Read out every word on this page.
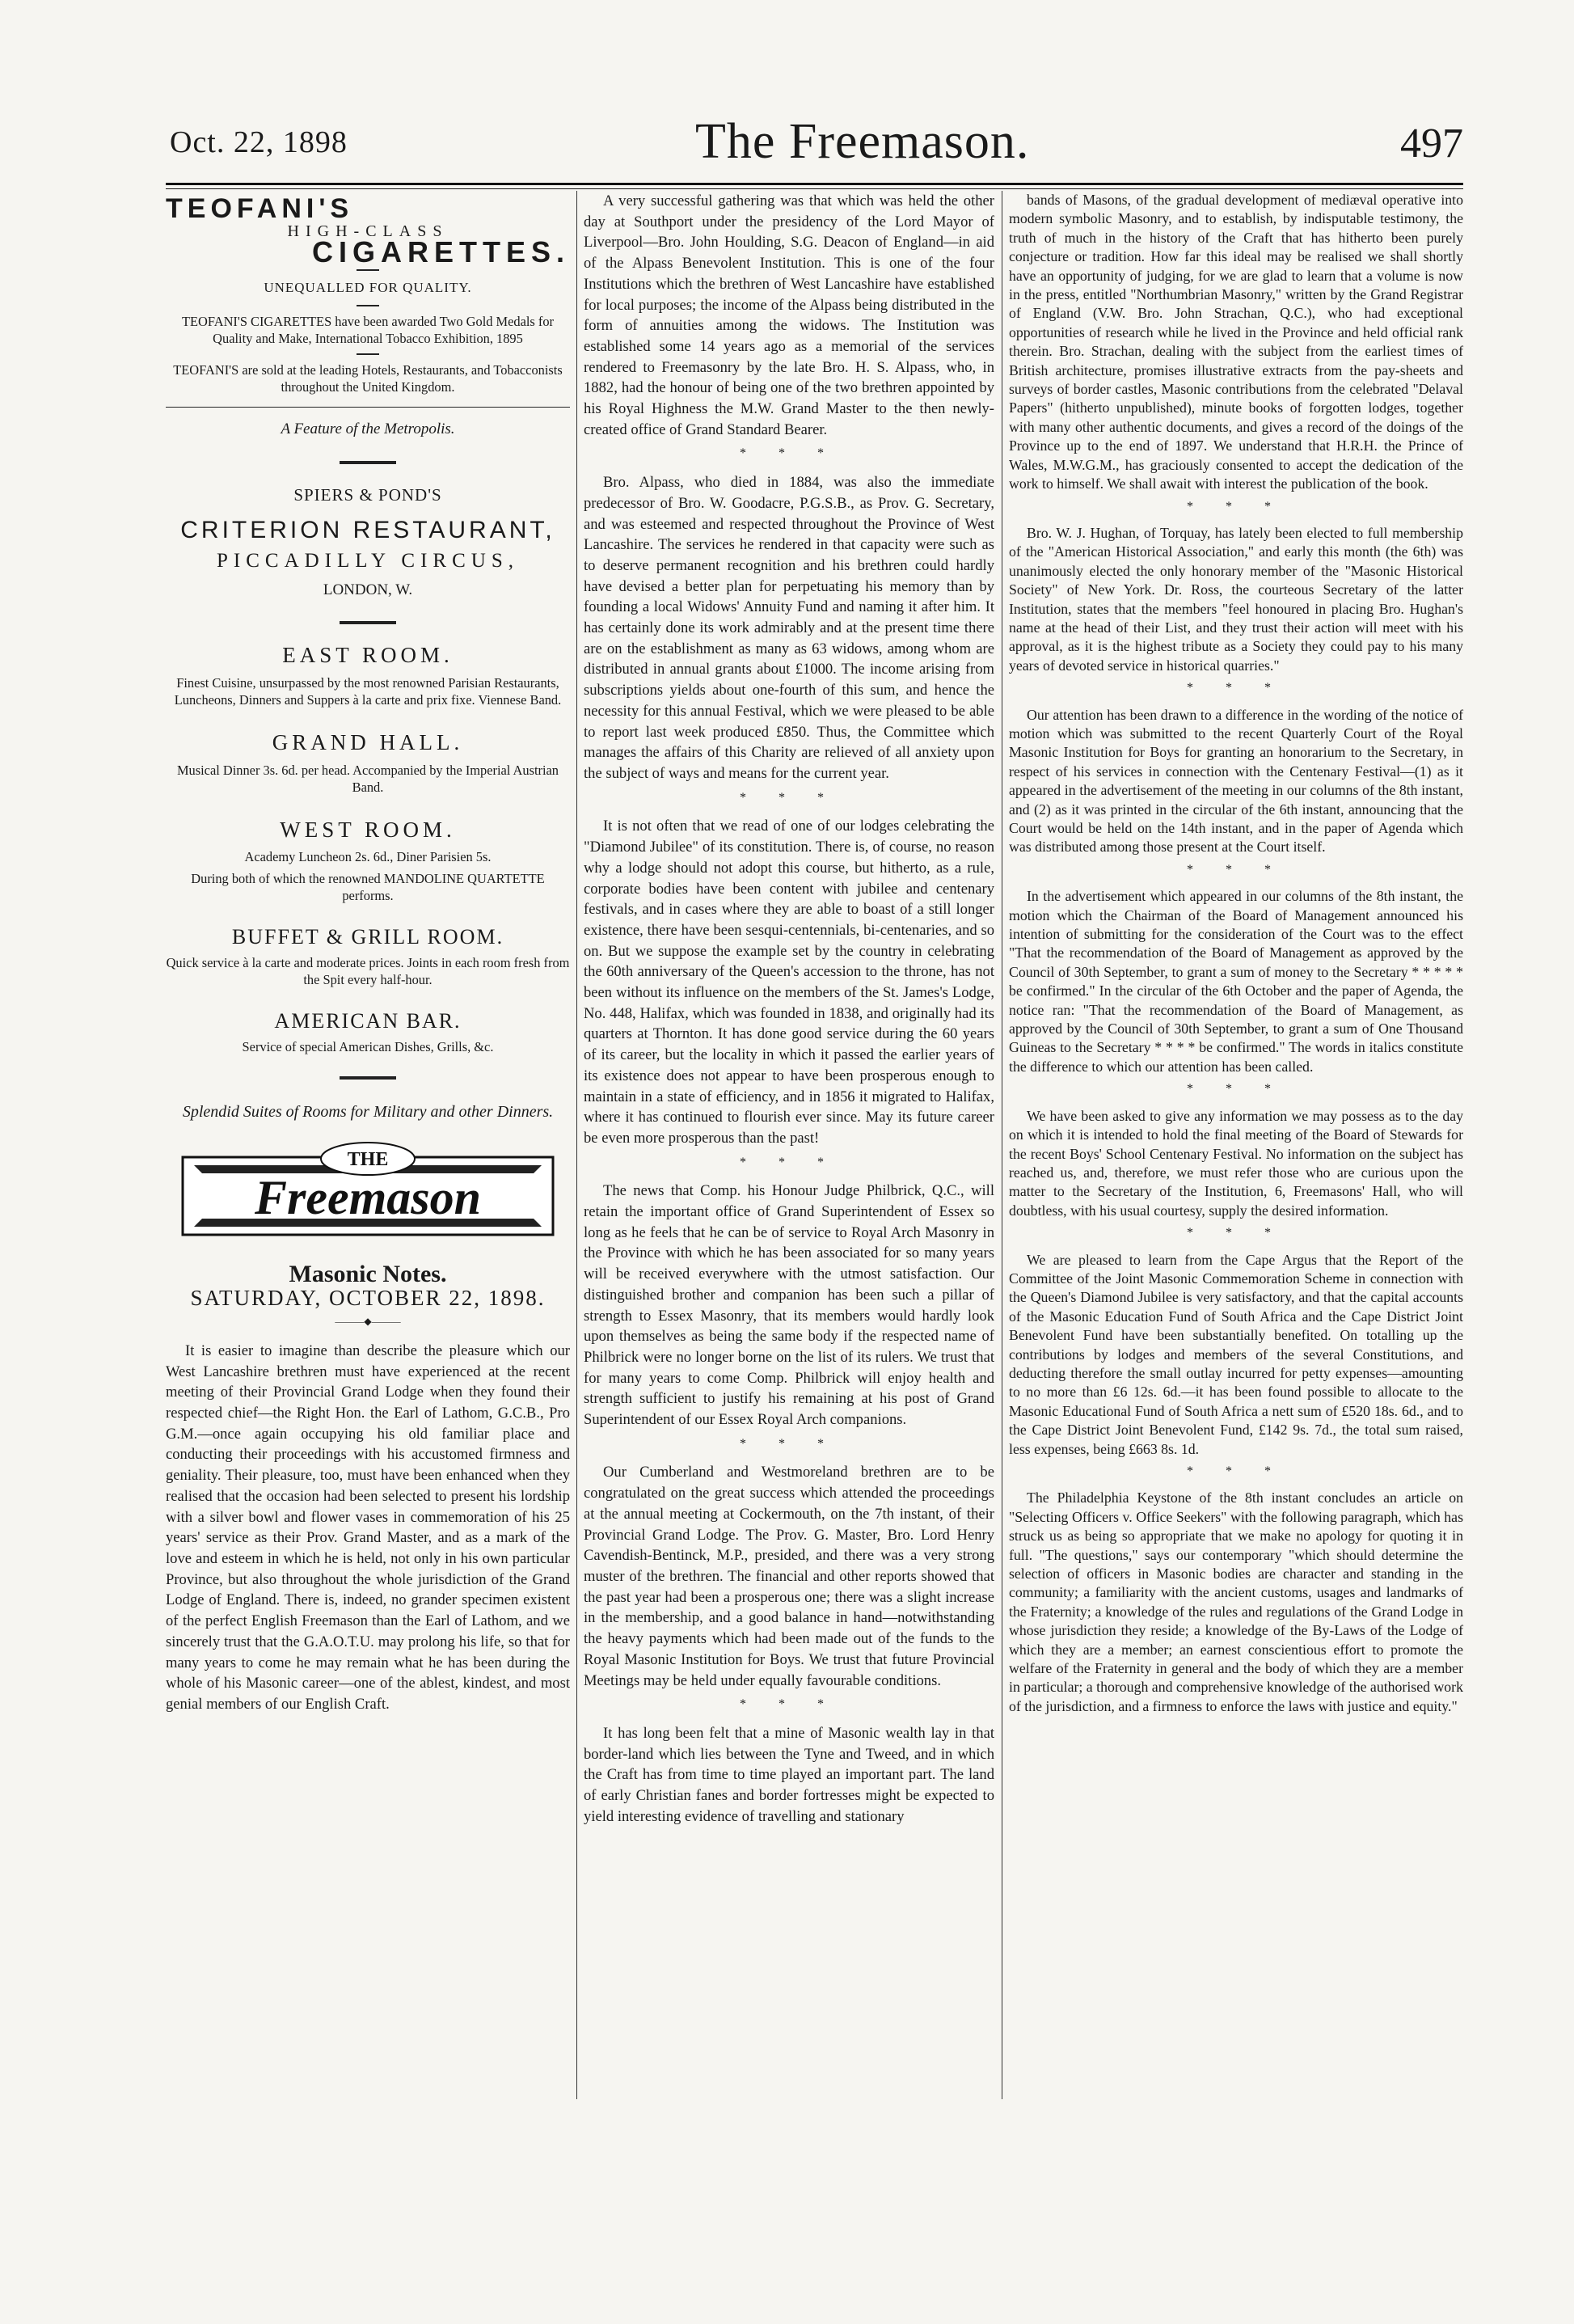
Oct. 22, 1898	The Freemason.	497
TEOFANI'S
HIGH-CLASS
CIGARETTES.
UNEQUALLED FOR QUALITY.
TEOFANI'S CIGARETTES have been awarded Two Gold Medals for Quality and Make, International Tobacco Exhibition, 1895
TEOFANI'S are sold at the leading Hotels, Restaurants, and Tobacconists throughout the United Kingdom.
A Feature of the Metropolis.
SPIERS & POND'S
CRITERION RESTAURANT,
PICCADILLY CIRCUS,
LONDON, W.
EAST ROOM.
Finest Cuisine, unsurpassed by the most renowned Parisian Restaurants, Luncheons, Dinners and Suppers à la carte and prix fixe. Viennese Band.
GRAND HALL.
Musical Dinner 3s. 6d. per head. Accompanied by the Imperial Austrian Band.
WEST ROOM.
Academy Luncheon 2s. 6d., Diner Parisien 5s.
During both of which the renowned MANDOLINE QUARTETTE performs.
BUFFET & GRILL ROOM.
Quick service à la carte and moderate prices. Joints in each room fresh from the Spit every half-hour.
AMERICAN BAR.
Service of special American Dishes, Grills, &c.
Splendid Suites of Rooms for Military and other Dinners.
THE
Freemason
Masonic Notes.
SATURDAY, OCTOBER 22, 1898.
———◆———

It is easier to imagine than describe the pleasure which our West Lancashire brethren must have experienced at the recent meeting of their Provincial Grand Lodge when they found their respected chief—the Right Hon. the Earl of Lathom, G.C.B., Pro G.M.—once again occupying his old familiar place and conducting their proceedings with his accustomed firmness and geniality. Their pleasure, too, must have been enhanced when they realised that the occasion had been selected to present his lordship with a silver bowl and flower vases in commemoration of his 25 years' service as their Prov. Grand Master, and as a mark of the love and esteem in which he is held, not only in his own particular Province, but also throughout the whole jurisdiction of the Grand Lodge of England. There is, indeed, no grander specimen existent of the perfect English Freemason than the Earl of Lathom, and we sincerely trust that the G.A.O.T.U. may prolong his life, so that for many years to come he may remain what he has been during the whole of his Masonic career—one of the ablest, kindest, and most genial members of our English Craft.

A very successful gathering was that which was held the other day at Southport under the presidency of the Lord Mayor of Liverpool—Bro. John Houlding, S.G. Deacon of England—in aid of the Alpass Benevolent Institution. This is one of the four Institutions which the brethren of West Lancashire have established for local purposes; the income of the Alpass being distributed in the form of annuities among the widows. The Institution was established some 14 years ago as a memorial of the services rendered to Freemasonry by the late Bro. H. S. Alpass, who, in 1882, had the honour of being one of the two brethren appointed by his Royal Highness the M.W. Grand Master to the then newly-created office of Grand Standard Bearer.

* * *

Bro. Alpass, who died in 1884, was also the immediate predecessor of Bro. W. Goodacre, P.G.S.B., as Prov. G. Secretary, and was esteemed and respected throughout the Province of West Lancashire. The services he rendered in that capacity were such as to deserve permanent recognition and his brethren could hardly have devised a better plan for perpetuating his memory than by founding a local Widows' Annuity Fund and naming it after him. It has certainly done its work admirably and at the present time there are on the establishment as many as 63 widows, among whom are distributed in annual grants about £1000. The income arising from subscriptions yields about one-fourth of this sum, and hence the necessity for this annual Festival, which we were pleased to be able to report last week produced £850. Thus, the Committee which manages the affairs of this Charity are relieved of all anxiety upon the subject of ways and means for the current year.

* * *

It is not often that we read of one of our lodges celebrating the "Diamond Jubilee" of its constitution. There is, of course, no reason why a lodge should not adopt this course, but hitherto, as a rule, corporate bodies have been content with jubilee and centenary festivals, and in cases where they are able to boast of a still longer existence, there have been sesqui-centennials, bi-centenaries, and so on. But we suppose the example set by the country in celebrating the 60th anniversary of the Queen's accession to the throne, has not been without its influence on the members of the St. James's Lodge, No. 448, Halifax, which was founded in 1838, and originally had its quarters at Thornton. It has done good service during the 60 years of its career, but the locality in which it passed the earlier years of its existence does not appear to have been prosperous enough to maintain in a state of efficiency, and in 1856 it migrated to Halifax, where it has continued to flourish ever since. May its future career be even more prosperous than the past!

* * *

The news that Comp. his Honour Judge Philbrick, Q.C., will retain the important office of Grand Superintendent of Essex so long as he feels that he can be of service to Royal Arch Masonry in the Province with which he has been associated for so many years will be received everywhere with the utmost satisfaction. Our distinguished brother and companion has been such a pillar of strength to Essex Masonry, that its members would hardly look upon themselves as being the same body if the respected name of Philbrick were no longer borne on the list of its rulers. We trust that for many years to come Comp. Philbrick will enjoy health and strength sufficient to justify his remaining at his post of Grand Superintendent of our Essex Royal Arch companions.

* * *

Our Cumberland and Westmoreland brethren are to be congratulated on the great success which attended the proceedings at the annual meeting at Cockermouth, on the 7th instant, of their Provincial Grand Lodge. The Prov. G. Master, Bro. Lord Henry Cavendish-Bentinck, M.P., presided, and there was a very strong muster of the brethren. The financial and other reports showed that the past year had been a prosperous one; there was a slight increase in the membership, and a good balance in hand—notwithstanding the heavy payments which had been made out of the funds to the Royal Masonic Institution for Boys. We trust that future Provincial Meetings may be held under equally favourable conditions.

* * *

It has long been felt that a mine of Masonic wealth lay in that border-land which lies between the Tyne and Tweed, and in which the Craft has from time to time played an important part. The land of early Christian fanes and border fortresses might be expected to yield interesting evidence of travelling and stationary

bands of Masons, of the gradual development of mediæval operative into modern symbolic Masonry, and to establish, by indisputable testimony, the truth of much in the history of the Craft that has hitherto been purely conjecture or tradition. How far this ideal may be realised we shall shortly have an opportunity of judging, for we are glad to learn that a volume is now in the press, entitled "Northumbrian Masonry," written by the Grand Registrar of England (V.W. Bro. John Strachan, Q.C.), who had exceptional opportunities of research while he lived in the Province and held official rank therein. Bro. Strachan, dealing with the subject from the earliest times of British architecture, promises illustrative extracts from the pay-sheets and surveys of border castles, Masonic contributions from the celebrated "Delaval Papers" (hitherto unpublished), minute books of forgotten lodges, together with many other authentic documents, and gives a record of the doings of the Province up to the end of 1897. We understand that H.R.H. the Prince of Wales, M.W.G.M., has graciously consented to accept the dedication of the work to himself. We shall await with interest the publication of the book.

* * *

Bro. W. J. Hughan, of Torquay, has lately been elected to full membership of the "American Historical Association," and early this month (the 6th) was unanimously elected the only honorary member of the "Masonic Historical Society" of New York. Dr. Ross, the courteous Secretary of the latter Institution, states that the members "feel honoured in placing Bro. Hughan's name at the head of their List, and they trust their action will meet with his approval, as it is the highest tribute as a Society they could pay to his many years of devoted service in historical quarries."

* * *

Our attention has been drawn to a difference in the wording of the notice of motion which was submitted to the recent Quarterly Court of the Royal Masonic Institution for Boys for granting an honorarium to the Secretary, in respect of his services in connection with the Centenary Festival—(1) as it appeared in the advertisement of the meeting in our columns of the 8th instant, and (2) as it was printed in the circular of the 6th instant, announcing that the Court would be held on the 14th instant, and in the paper of Agenda which was distributed among those present at the Court itself.

* * *

In the advertisement which appeared in our columns of the 8th instant, the motion which the Chairman of the Board of Management announced his intention of submitting for the consideration of the Court was to the effect "That the recommendation of the Board of Management as approved by the Council of 30th September, to grant a sum of money to the Secretary * * * * * be confirmed." In the circular of the 6th October and the paper of Agenda, the notice ran: "That the recommendation of the Board of Management, as approved by the Council of 30th September, to grant a sum of One Thousand Guineas to the Secretary * * * * be confirmed." The words in italics constitute the difference to which our attention has been called.

* * *

We have been asked to give any information we may possess as to the day on which it is intended to hold the final meeting of the Board of Stewards for the recent Boys' School Centenary Festival. No information on the subject has reached us, and, therefore, we must refer those who are curious upon the matter to the Secretary of the Institution, 6, Freemasons' Hall, who will doubtless, with his usual courtesy, supply the desired information.

* * *

We are pleased to learn from the Cape Argus that the Report of the Committee of the Joint Masonic Commemoration Scheme in connection with the Queen's Diamond Jubilee is very satisfactory, and that the capital accounts of the Masonic Education Fund of South Africa and the Cape District Joint Benevolent Fund have been substantially benefited. On totalling up the contributions by lodges and members of the several Constitutions, and deducting therefore the small outlay incurred for petty expenses—amounting to no more than £6 12s. 6d.—it has been found possible to allocate to the Masonic Educational Fund of South Africa a nett sum of £520 18s. 6d., and to the Cape District Joint Benevolent Fund, £142 9s. 7d., the total sum raised, less expenses, being £663 8s. 1d.

* * *

The Philadelphia Keystone of the 8th instant concludes an article on "Selecting Officers v. Office Seekers" with the following paragraph, which has struck us as being so appropriate that we make no apology for quoting it in full. "The questions," says our contemporary "which should determine the selection of officers in Masonic bodies are character and standing in the community; a familiarity with the ancient customs, usages and landmarks of the Fraternity; a knowledge of the rules and regulations of the Grand Lodge in whose jurisdiction they reside; a knowledge of the By-Laws of the Lodge of which they are a member; an earnest conscientious effort to promote the welfare of the Fraternity in general and the body of which they are a member in particular; a thorough and comprehensive knowledge of the authorised work of the jurisdiction, and a firmness to enforce the laws with justice and equity."
